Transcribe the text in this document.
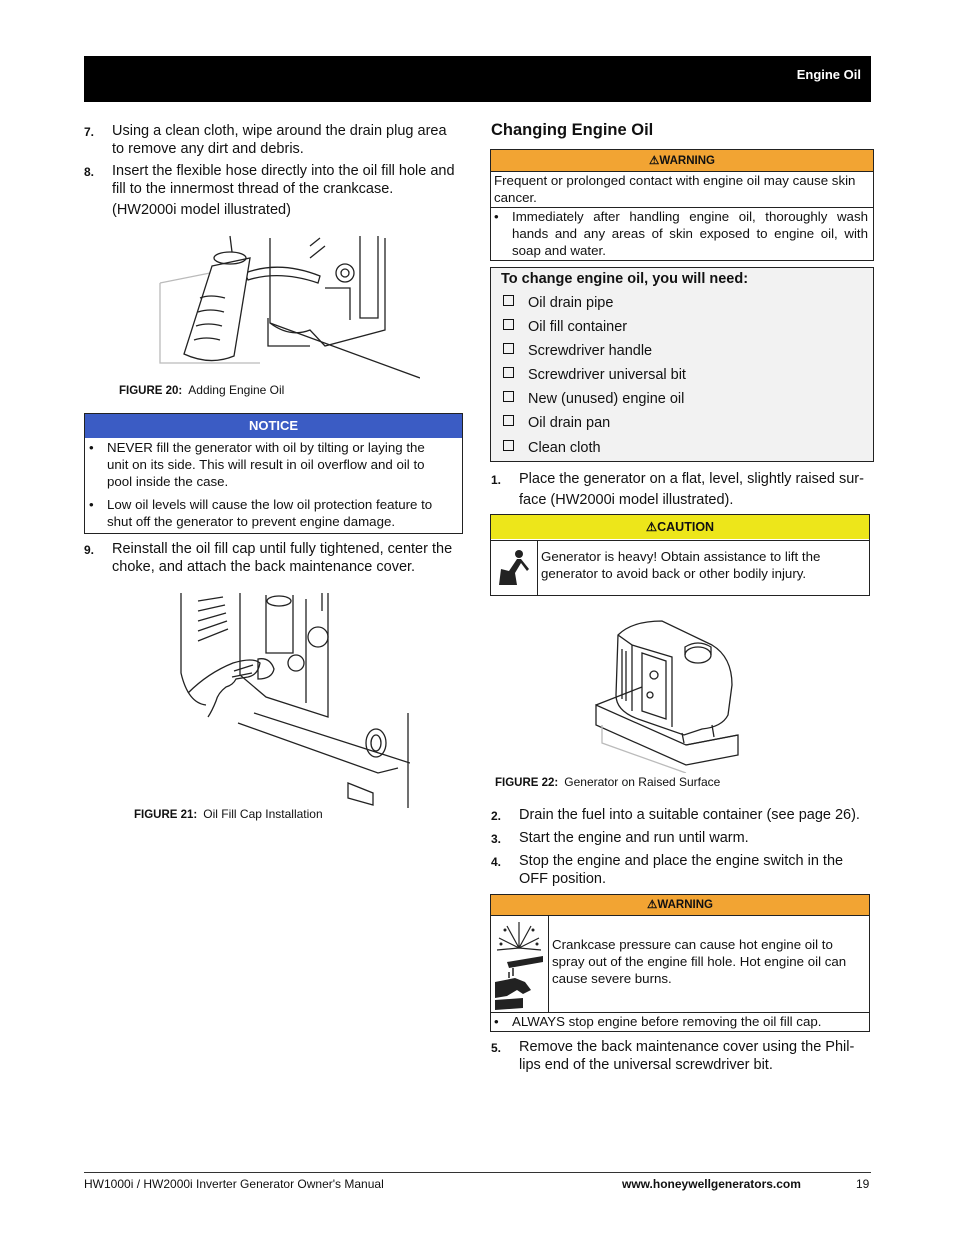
Engine Oil
7. Using a clean cloth, wipe around the drain plug area to remove any dirt and debris.
8. Insert the flexible hose directly into the oil fill hole and fill to the innermost thread of the crankcase.
(HW2000i model illustrated)
FIGURE 20: Adding Engine Oil
NOTICE
• NEVER fill the generator with oil by tilting or laying the unit on its side. This will result in oil overflow and oil to pool inside the case.
• Low oil levels will cause the low oil protection feature to shut off the generator to prevent engine damage.
9. Reinstall the oil fill cap until fully tightened, center the choke, and attach the back maintenance cover.
FIGURE 21: Oil Fill Cap Installation
Changing Engine Oil
⚠WARNING
Frequent or prolonged contact with engine oil may cause skin cancer.
• Immediately after handling engine oil, thoroughly wash hands and any areas of skin exposed to engine oil, with soap and water.
To change engine oil, you will need:
Oil drain pipe
Oil fill container
Screwdriver handle
Screwdriver universal bit
New (unused) engine oil
Oil drain pan
Clean cloth
1. Place the generator on a flat, level, slightly raised sur-
face (HW2000i model illustrated).
⚠CAUTION
Generator is heavy! Obtain assistance to lift the generator to avoid back or other bodily injury.
FIGURE 22: Generator on Raised Surface
2. Drain the fuel into a suitable container (see page 26).
3. Start the engine and run until warm.
4. Stop the engine and place the engine switch in the OFF position.
⚠WARNING
Crankcase pressure can cause hot engine oil to spray out of the engine fill hole. Hot engine oil can cause severe burns.
• ALWAYS stop engine before removing the oil fill cap.
5. Remove the back maintenance cover using the Phil-
lips end of the universal screwdriver bit.
HW1000i / HW2000i Inverter Generator Owner's Manual	www.honeywellgenerators.com	19
